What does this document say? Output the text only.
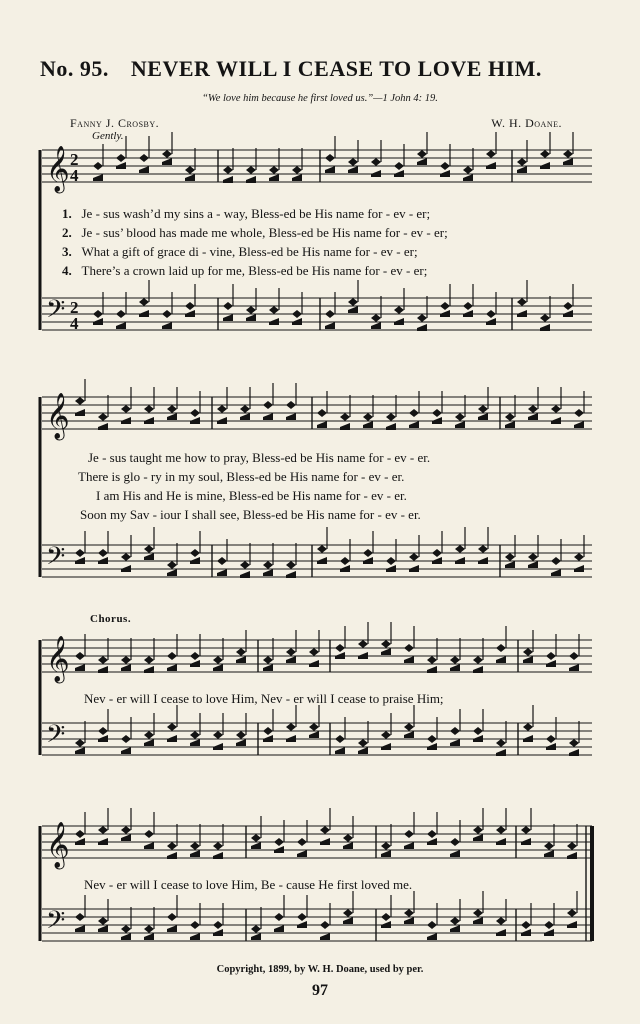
No. 95. NEVER WILL I CEASE TO LOVE HIM.
“We love him because he first loved us.”—1 John 4: 19.
Fanny J. Crosby.	W. H. Doane.
Gently.
𝄞 2
4
𝄢 2
4
𝄞
𝄢
𝄞
𝄢
𝄞
𝄢
1. Je - sus wash’d my sins a - way, Bless-ed be His name for - ev - er;
2. Je - sus’ blood has made me whole, Bless-ed be His name for - ev - er;
3. What a gift of grace di - vine, Bless-ed be His name for - ev - er;
4. There’s a crown laid up for me, Bless-ed be His name for - ev - er;
Je - sus taught me how to pray, Bless-ed be His name for - ev - er.
There is glo - ry in my soul, Bless-ed be His name for - ev - er.
I am His and He is mine, Bless-ed be His name for - ev - er.
Soon my Sav - iour I shall see, Bless-ed be His name for - ev - er.
Chorus.
Nev - er will I cease to love Him, Nev - er will I cease to praise Him;
Nev - er will I cease to love Him, Be - cause He first loved me.
Copyright, 1899, by W. H. Doane, used by per.
97
